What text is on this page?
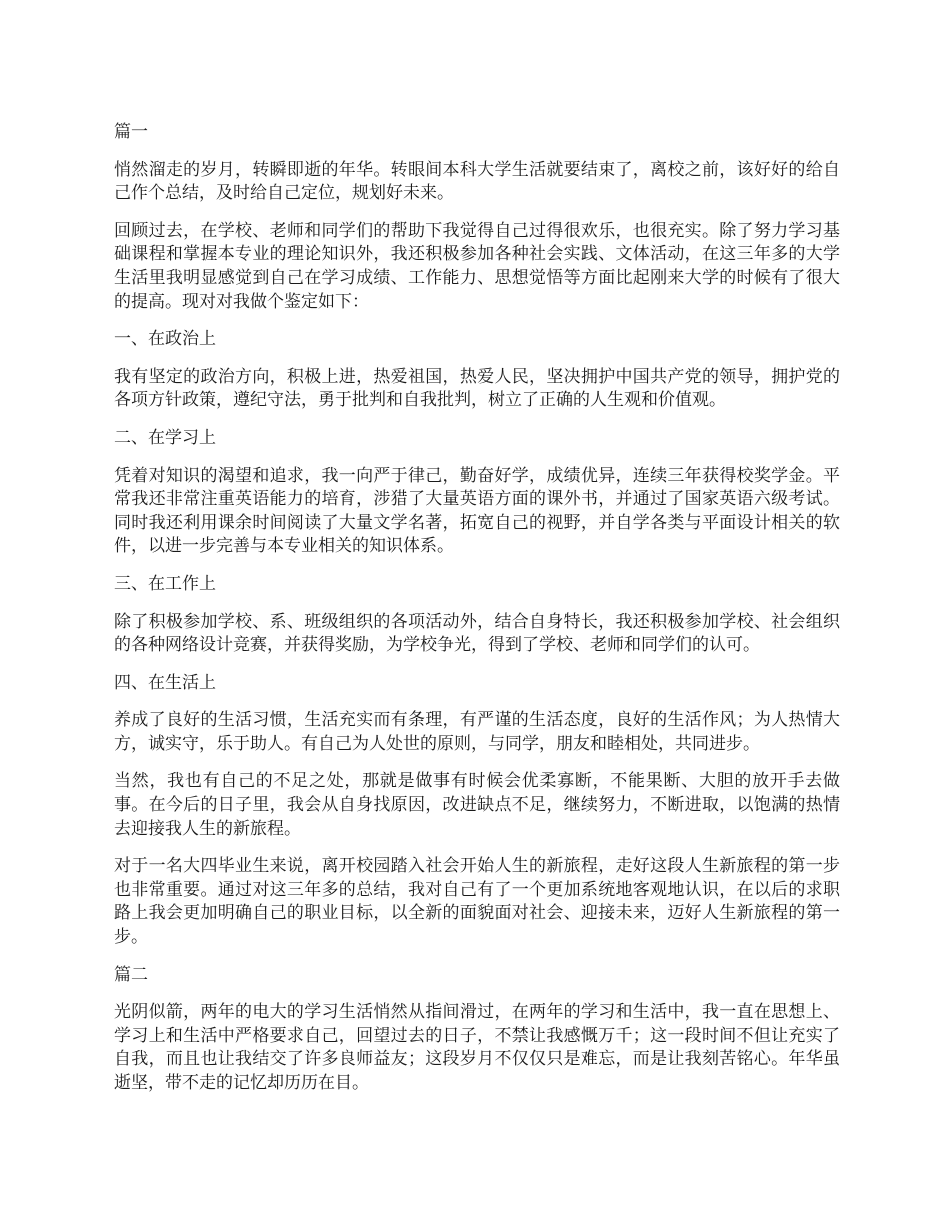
篇一
悄然溜走的岁月，转瞬即逝的年华。转眼间本科大学生活就要结束了，离校之前，该好好的给自己作个总结，及时给自己定位，规划好未来。
回顾过去，在学校、老师和同学们的帮助下我觉得自己过得很欢乐，也很充实。除了努力学习基础课程和掌握本专业的理论知识外，我还积极参加各种社会实践、文体活动，在这三年多的大学生活里我明显感觉到自己在学习成绩、工作能力、思想觉悟等方面比起刚来大学的时候有了很大的提高。现对对我做个鉴定如下：
一、在政治上
我有坚定的政治方向，积极上进，热爱祖国，热爱人民，坚决拥护中国共产党的领导，拥护党的各项方针政策，遵纪守法，勇于批判和自我批判，树立了正确的人生观和价值观。
二、在学习上
凭着对知识的渴望和追求，我一向严于律己，勤奋好学，成绩优异，连续三年获得校奖学金。平常我还非常注重英语能力的培育，涉猎了大量英语方面的课外书，并通过了国家英语六级考试。同时我还利用课余时间阅读了大量文学名著，拓宽自己的视野，并自学各类与平面设计相关的软件，以进一步完善与本专业相关的知识体系。
三、在工作上
除了积极参加学校、系、班级组织的各项活动外，结合自身特长，我还积极参加学校、社会组织的各种网络设计竞赛，并获得奖励，为学校争光，得到了学校、老师和同学们的认可。
四、在生活上
养成了良好的生活习惯，生活充实而有条理，有严谨的生活态度，良好的生活作风；为人热情大方，诚实守，乐于助人。有自己为人处世的原则，与同学，朋友和睦相处，共同进步。
当然，我也有自己的不足之处，那就是做事有时候会优柔寡断，不能果断、大胆的放开手去做事。在今后的日子里，我会从自身找原因，改进缺点不足，继续努力，不断进取，以饱满的热情去迎接我人生的新旅程。
对于一名大四毕业生来说，离开校园踏入社会开始人生的新旅程，走好这段人生新旅程的第一步也非常重要。通过对这三年多的总结，我对自己有了一个更加系统地客观地认识，在以后的求职路上我会更加明确自己的职业目标，以全新的面貌面对社会、迎接未来，迈好人生新旅程的第一步。
篇二
光阴似箭，两年的电大的学习生活悄然从指间滑过，在两年的学习和生活中，我一直在思想上、学习上和生活中严格要求自己，回望过去的日子，不禁让我感慨万千；这一段时间不但让充实了自我，而且也让我结交了许多良师益友；这段岁月不仅仅只是难忘，而是让我刻苦铭心。年华虽逝坚，带不走的记忆却历历在目。
